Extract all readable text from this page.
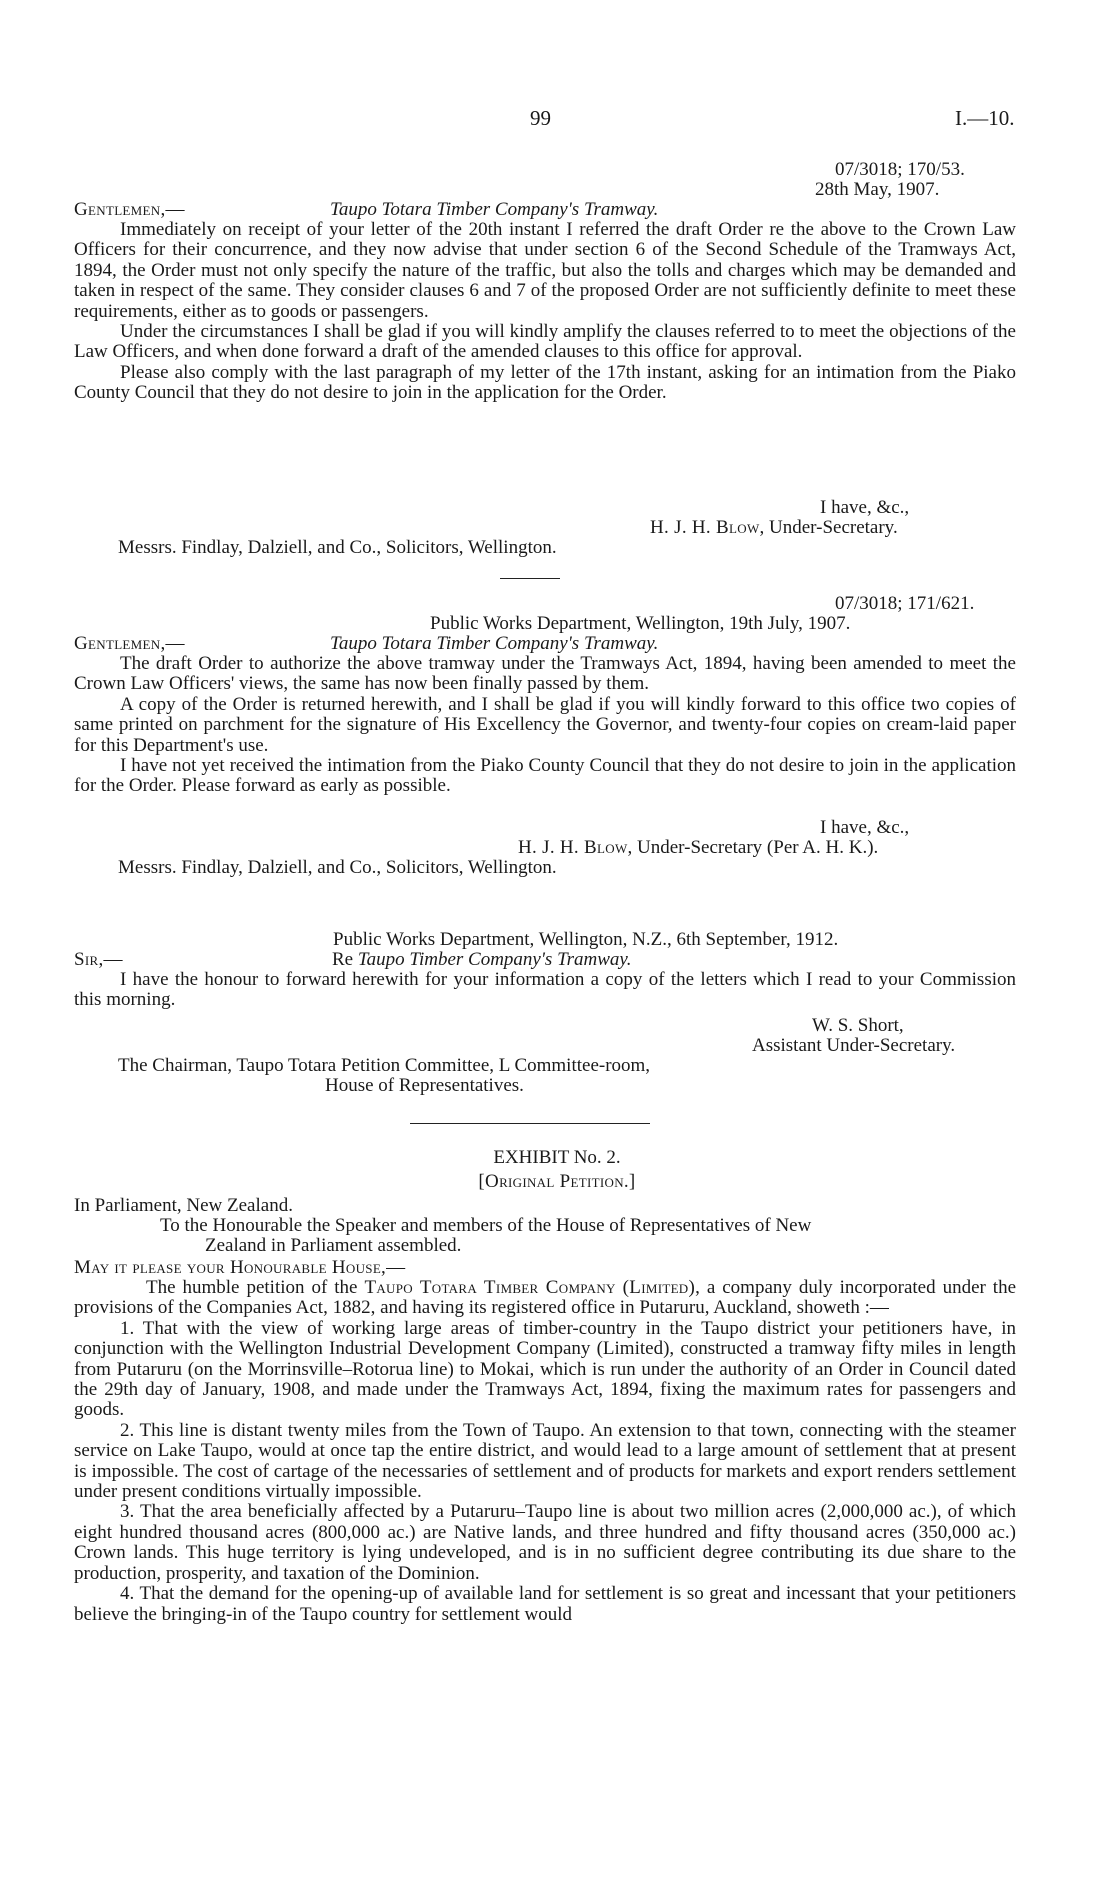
99	I.—10.
07/3018; 170/53.
28th May, 1907.
Gentlemen,—	Taupo Totara Timber Company's Tramway.

Immediately on receipt of your letter of the 20th instant I referred the draft Order re the above to the Crown Law Officers for their concurrence, and they now advise that under section 6 of the Second Schedule of the Tramways Act, 1894, the Order must not only specify the nature of the traffic, but also the tolls and charges which may be demanded and taken in respect of the same. They consider clauses 6 and 7 of the proposed Order are not sufficiently definite to meet these requirements, either as to goods or passengers.

Under the circumstances I shall be glad if you will kindly amplify the clauses referred to to meet the objections of the Law Officers, and when done forward a draft of the amended clauses to this office for approval.

Please also comply with the last paragraph of my letter of the 17th instant, asking for an intimation from the Piako County Council that they do not desire to join in the application for the Order.

I have, &c.,
H. J. H. Blow, Under-Secretary.
Messrs. Findlay, Dalziell, and Co., Solicitors, Wellington.
07/3018; 171/621.
Public Works Department, Wellington, 19th July, 1907.
Gentlemen,—	Taupo Totara Timber Company's Tramway.

The draft Order to authorize the above tramway under the Tramways Act, 1894, having been amended to meet the Crown Law Officers' views, the same has now been finally passed by them.

A copy of the Order is returned herewith, and I shall be glad if you will kindly forward to this office two copies of same printed on parchment for the signature of His Excellency the Governor, and twenty-four copies on cream-laid paper for this Department's use.

I have not yet received the intimation from the Piako County Council that they do not desire to join in the application for the Order. Please forward as early as possible.

I have, &c.,
H. J. H. Blow, Under-Secretary (Per A. H. K.).
Messrs. Findlay, Dalziell, and Co., Solicitors, Wellington.
Public Works Department, Wellington, N.Z., 6th September, 1912.
Sir,—	Re Taupo Timber Company's Tramway.

I have the honour to forward herewith for your information a copy of the letters which I read to your Commission this morning.

W. S. Short,
Assistant Under-Secretary.
The Chairman, Taupo Totara Petition Committee, L Committee-room,
House of Representatives.
EXHIBIT No. 2.
[Original Petition.]
In Parliament, New Zealand.
To the Honourable the Speaker and members of the House of Representatives of New
Zealand in Parliament assembled.
May it please your Honourable House,—

The humble petition of the Taupo Totara Timber Company (Limited), a company duly incorporated under the provisions of the Companies Act, 1882, and having its registered office in Putaruru, Auckland, showeth :—

1. That with the view of working large areas of timber-country in the Taupo district your petitioners have, in conjunction with the Wellington Industrial Development Company (Limited), constructed a tramway fifty miles in length from Putaruru (on the Morrinsville–Rotorua line) to Mokai, which is run under the authority of an Order in Council dated the 29th day of January, 1908, and made under the Tramways Act, 1894, fixing the maximum rates for passengers and goods.

2. This line is distant twenty miles from the Town of Taupo. An extension to that town, connecting with the steamer service on Lake Taupo, would at once tap the entire district, and would lead to a large amount of settlement that at present is impossible. The cost of cartage of the necessaries of settlement and of products for markets and export renders settlement under present conditions virtually impossible.

3. That the area beneficially affected by a Putaruru–Taupo line is about two million acres (2,000,000 ac.), of which eight hundred thousand acres (800,000 ac.) are Native lands, and three hundred and fifty thousand acres (350,000 ac.) Crown lands. This huge territory is lying undeveloped, and is in no sufficient degree contributing its due share to the production, prosperity, and taxation of the Dominion.

4. That the demand for the opening-up of available land for settlement is so great and incessant that your petitioners believe the bringing-in of the Taupo country for settlement would
